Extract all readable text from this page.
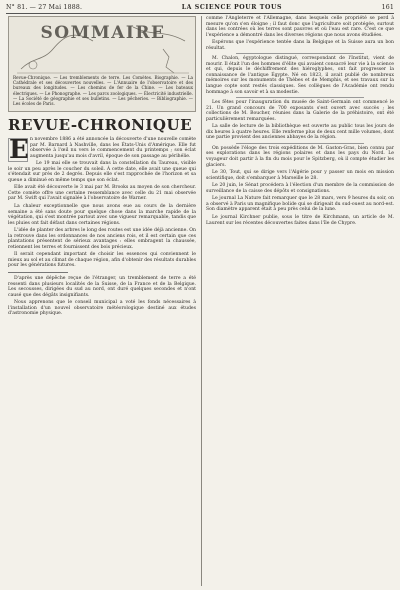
N° 81. — 27 Mai 1888.	LA SCIENCE POUR TOUS	161
SOMMAIRE
Revue-Chronique. — Les tremblements de terre. Les Comètes. Biographie. — La Cathédrale et ses découvertes nouvelles. — L'Annuaire de l'observatoire et des bureaux des longitudes. — Les chemins de fer de la Chine. — Les bateaux électriques. — Le Phonographe. — Les parcs zoologiques. — Électricité industrielle. — La Société de géographie et ses bulletins. — Les pêcheries. — Bibliographie. — Les écoles de Paris.
REVUE-CHRONIQUE

E n novembre 1886 a été annoncée la découverte d'une nouvelle comète par M. Barnard à Nashville, dans les États-Unis d'Amérique. Elle fut observée à l'œil nu vers le commencement du printemps ; son éclat augmenta jusqu'au mois d'avril, époque de son passage au périhélie.

Le 19 mai elle se trouvait dans la constellation du Taureau, visible le soir un peu après le coucher du soleil. À cette date, elle avait une queue qui s'étendait sur près de 2 degrés. Depuis elle s'est rapprochée de l'horizon et sa queue a diminué en même temps que son éclat.

Elle avait été découverte le 3 mai par M. Brooks au moyen de son chercheur. Cette comète offre une certaine ressemblance avec celle du 21 mai observée par M. Swift qui l'avait signalée à l'observatoire de Warner.

La chaleur exceptionnelle que nous avons eue au cours de la dernière semaine a été sans doute pour quelque chose dans la marche rapide de la végétation, qui s'est montrée partout avec une vigueur remarquable, tandis que les pluies ont fait défaut dans certaines régions.

L'idée de planter des arbres le long des routes est une idée déjà ancienne. On la retrouve dans les ordonnances de nos anciens rois, et il est certain que ces plantations présentent de sérieux avantages : elles ombragent la chaussée, retiennent les terres et fournissent des bois précieux.

Il serait cependant important de choisir les essences qui conviennent le mieux au sol et au climat de chaque région, afin d'obtenir des résultats durables pour les générations futures.

D'après une dépêche reçue de l'étranger, un tremblement de terre a été ressenti dans plusieurs localités de la Suisse, de la France et de la Belgique. Les secousses, dirigées du sud au nord, ont duré quelques secondes et n'ont causé que des dégâts insignifiants.

Nous apprenons que le conseil municipal a voté les fonds nécessaires à l'installation d'un nouvel observatoire météorologique destiné aux études d'astronomie physique.

comme l'Angleterre et l'Allemagne, dans lesquels celle propriété se perd à mesure qu'on s'en éloigne ; il faut donc que l'agriculture soit protégée, surtout dans les contrées où les terres sont pauvres et où l'eau est rare. C'est ce que l'expérience a démontré dans les diverses régions que nous avons étudiées.

Espérons que l'expérience tentée dans la Belgique et la Suisse aura un bon résultat.

M. Chalon, égyptologue distingué, correspondant de l'Institut, vient de mourir. Il était l'un des hommes d'élite qui avaient consacré leur vie à la science et qui, depuis le déchiffrement des hiéroglyphes, ont fait progresser la connaissance de l'antique Égypte. Né en 1823, il avait publié de nombreux mémoires sur les monuments de Thèbes et de Memphis, et ses travaux sur la langue copte sont restés classiques. Ses collègues de l'Académie ont rendu hommage à son savoir et à sa modestie.

Les fêtes pour l'inauguration du musée de Saint-Germain ont commencé le 21. Un grand concours de 700 exposants s'est ouvert avec succès ; les collections de M. Boucher, réunies dans la Galerie de la préhistoire, ont été particulièrement remarquées.

La salle de lecture de la bibliothèque est ouverte au public tous les jours de dix heures à quatre heures. Elle renferme plus de deux cent mille volumes, dont une partie provient des anciennes abbayes de la région.

On possède l'éloge des trois expéditions de M. Gaston-Gras, bien connu par ses explorations dans les régions polaires et dans les pays du Nord. Le voyageur doit partir à la fin du mois pour le Spitzberg, où il compte étudier les glaciers.

Le 30, Tout, qui se dirige vers l'Algérie pour y passer un mois en mission scientifique, doit s'embarquer à Marseille le 28.

Le 20 juin, le Sénat procédera à l'élection d'un membre de la commission de surveillance de la caisse des dépôts et consignations.

Le journal La Nature fait remarquer que le 28 mars, vers 9 heures du soir, on a observé à Paris un magnifique bolide qui se dirigeait du sud-ouest au nord-est. Son diamètre apparent était à peu près celui de la lune.

Le journal Kirchner publie, sous le titre de Kirchmann, un article de M. Laurent sur les récentes découvertes faites dans l'île de Chypre.
